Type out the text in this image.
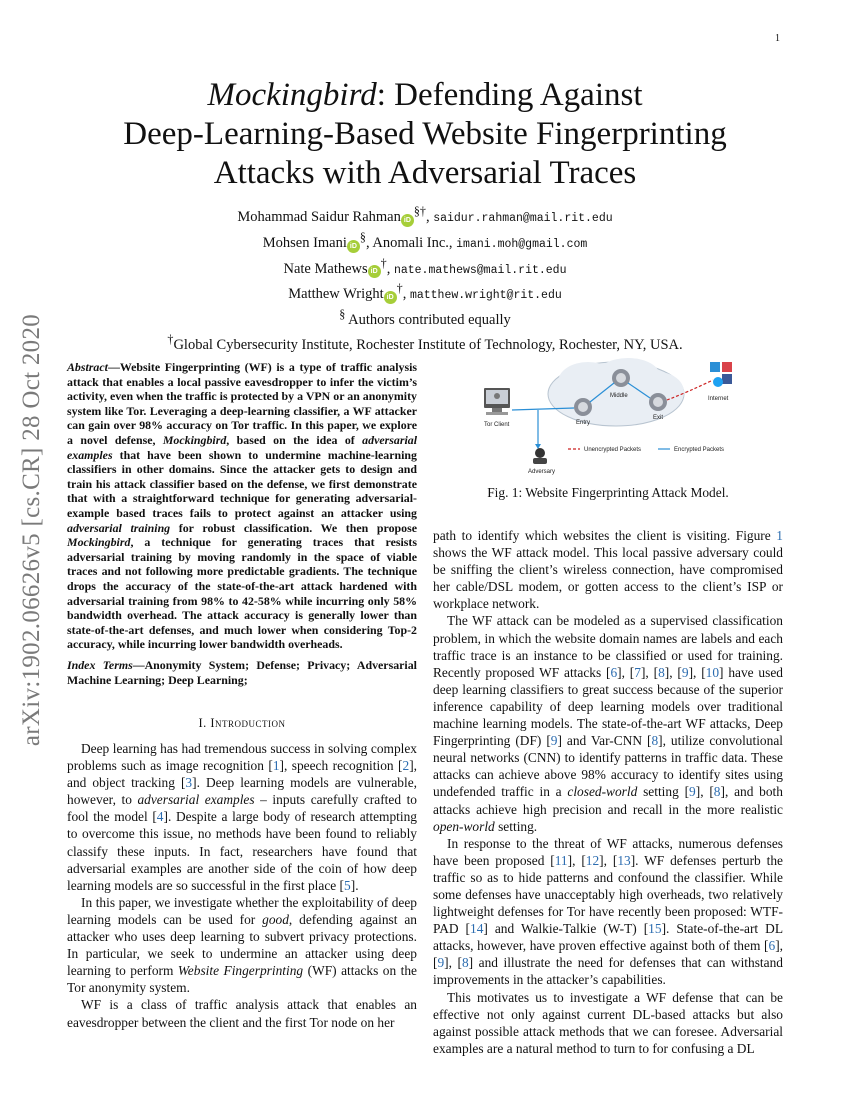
1
arXiv:1902.06626v5 [cs.CR] 28 Oct 2020
Mockingbird: Defending Against
Deep-Learning-Based Website Fingerprinting
Attacks with Adversarial Traces
Mohammad Saidur Rahman iD§†, saidur.rahman@mail.rit.edu
Mohsen Imani iD§, Anomali Inc., imani.moh@gmail.com
Nate Mathews iD†, nate.mathews@mail.rit.edu
Matthew Wright iD†, matthew.wright@rit.edu
§ Authors contributed equally
†Global Cybersecurity Institute, Rochester Institute of Technology, Rochester, NY, USA.
Abstract—Website Fingerprinting (WF) is a type of traffic analysis attack that enables a local passive eavesdropper to infer the victim’s activity, even when the traffic is protected by a VPN or an anonymity system like Tor. Leveraging a deep-learning classifier, a WF attacker can gain over 98% accuracy on Tor traffic. In this paper, we explore a novel defense, Mockingbird, based on the idea of adversarial examples that have been shown to undermine machine-learning classifiers in other domains. Since the attacker gets to design and train his attack classifier based on the defense, we first demonstrate that with a straightforward technique for generating adversarial-example based traces fails to protect against an attacker using adversarial training for robust classification. We then propose Mockingbird, a technique for generating traces that resists adversarial training by moving randomly in the space of viable traces and not following more predictable gradients. The technique drops the accuracy of the state-of-the-art attack hardened with adversarial training from 98% to 42-58% while incurring only 58% bandwidth overhead. The attack accuracy is generally lower than state-of-the-art defenses, and much lower when considering Top-2 accuracy, while incurring lower bandwidth overheads.
Index Terms—Anonymity System; Defense; Privacy; Adversarial Machine Learning; Deep Learning;
I. Introduction

Deep learning has had tremendous success in solving complex problems such as image recognition [1], speech recognition [2], and object tracking [3]. Deep learning models are vulnerable, however, to adversarial examples – inputs carefully crafted to fool the model [4]. Despite a large body of research attempting to overcome this issue, no methods have been found to reliably classify these inputs. In fact, researchers have found that adversarial examples are another side of the coin of how deep learning models are so successful in the first place [5].

In this paper, we investigate whether the exploitability of deep learning models can be used for good, defending against an attacker who uses deep learning to subvert privacy protections. In particular, we seek to undermine an attacker using deep learning to perform Website Fingerprinting (WF) attacks on the Tor anonymity system.

WF is a class of traffic analysis attack that enables an eavesdropper between the client and the first Tor node on her

Tor Client
Adversary
Entry
Middle
Exit
Internet
Unencrypted Packets	Encrypted Packets
Fig. 1: Website Fingerprinting Attack Model.

path to identify which websites the client is visiting. Figure 1 shows the WF attack model. This local passive adversary could be sniffing the client’s wireless connection, have compromised her cable/DSL modem, or gotten access to the client’s ISP or workplace network.

The WF attack can be modeled as a supervised classification problem, in which the website domain names are labels and each traffic trace is an instance to be classified or used for training. Recently proposed WF attacks [6], [7], [8], [9], [10] have used deep learning classifiers to great success because of the superior inference capability of deep learning models over traditional machine learning models. The state-of-the-art WF attacks, Deep Fingerprinting (DF) [9] and Var-CNN [8], utilize convolutional neural networks (CNN) to identify patterns in traffic data. These attacks can achieve above 98% accuracy to identify sites using undefended traffic in a closed-world setting [9], [8], and both attacks achieve high precision and recall in the more realistic open-world setting.

In response to the threat of WF attacks, numerous defenses have been proposed [11], [12], [13]. WF defenses perturb the traffic so as to hide patterns and confound the classifier. While some defenses have unacceptably high overheads, two relatively lightweight defenses for Tor have recently been proposed: WTF-PAD [14] and Walkie-Talkie (W-T) [15]. State-of-the-art DL attacks, however, have proven effective against both of them [6], [9], [8] and illustrate the need for defenses that can withstand improvements in the attacker’s capabilities.

This motivates us to investigate a WF defense that can be effective not only against current DL-based attacks but also against possible attack methods that we can foresee. Adversarial examples are a natural method to turn to for confusing a DL
